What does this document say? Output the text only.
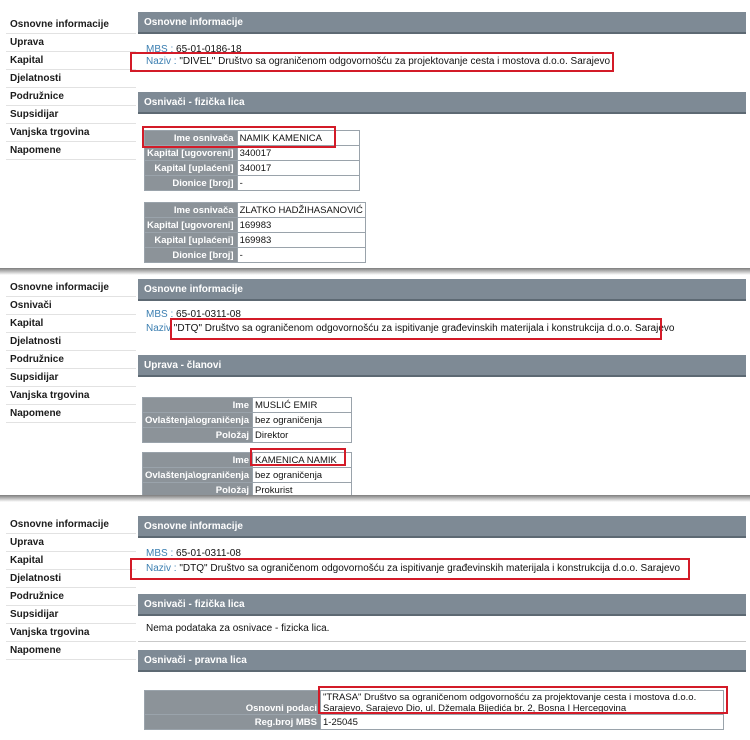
Osnovne informacije
Uprava
Kapital
Djelatnosti
Podružnice
Supsidijar
Vanjska trgovina
Napomene
Osnovne informacije
MBS : 65-01-0186-18
Naziv : "DIVEL" Društvo sa ograničenom odgovornošću za projektovanje cesta i mostova d.o.o. Sarajevo
Osnivači - fizička lica
Ime osnivača	NAMIK KAMENICA
Kapital [ugovoreni]	340017
Kapital [uplaćeni]	340017
Dionice [broj]	-
Ime osnivača	ZLATKO HADŽIHASANOVIĆ
Kapital [ugovoreni]	169983
Kapital [uplaćeni]	169983
Dionice [broj]	-
Osnovne informacije
Osnivači
Kapital
Djelatnosti
Podružnice
Supsidijar
Vanjska trgovina
Napomene
Osnovne informacije
MBS : 65-01-0311-08
Naziv "DTQ" Društvo sa ograničenom odgovornošću za ispitivanje građevinskih materijala i konstrukcija d.o.o. Sarajevo
Uprava - članovi
Ime	MUSLIĆ EMIR
Ovlaštenja\ograničenja	bez ograničenja
Položaj	Direktor
Ime	KAMENICA NAMIK
Ovlaštenja\ograničenja	bez ograničenja
Položaj	Prokurist
Osnovne informacije
Uprava
Kapital
Djelatnosti
Podružnice
Supsidijar
Vanjska trgovina
Napomene
Osnovne informacije
MBS : 65-01-0311-08
Naziv : "DTQ" Društvo sa ograničenom odgovornošću za ispitivanje građevinskih materijala i konstrukcija d.o.o. Sarajevo
Osnivači - fizička lica
Nema podataka za osnivace - fizicka lica.
Osnivači - pravna lica
Osnovni podaci	"TRASA" Društvo sa ograničenom odgovornošću za projektovanje cesta i mostova d.o.o.
Sarajevo, Sarajevo Dio, ul. Džemala Bijedića br. 2, Bosna I Hercegovina

Reg.broj MBS	1-25045
